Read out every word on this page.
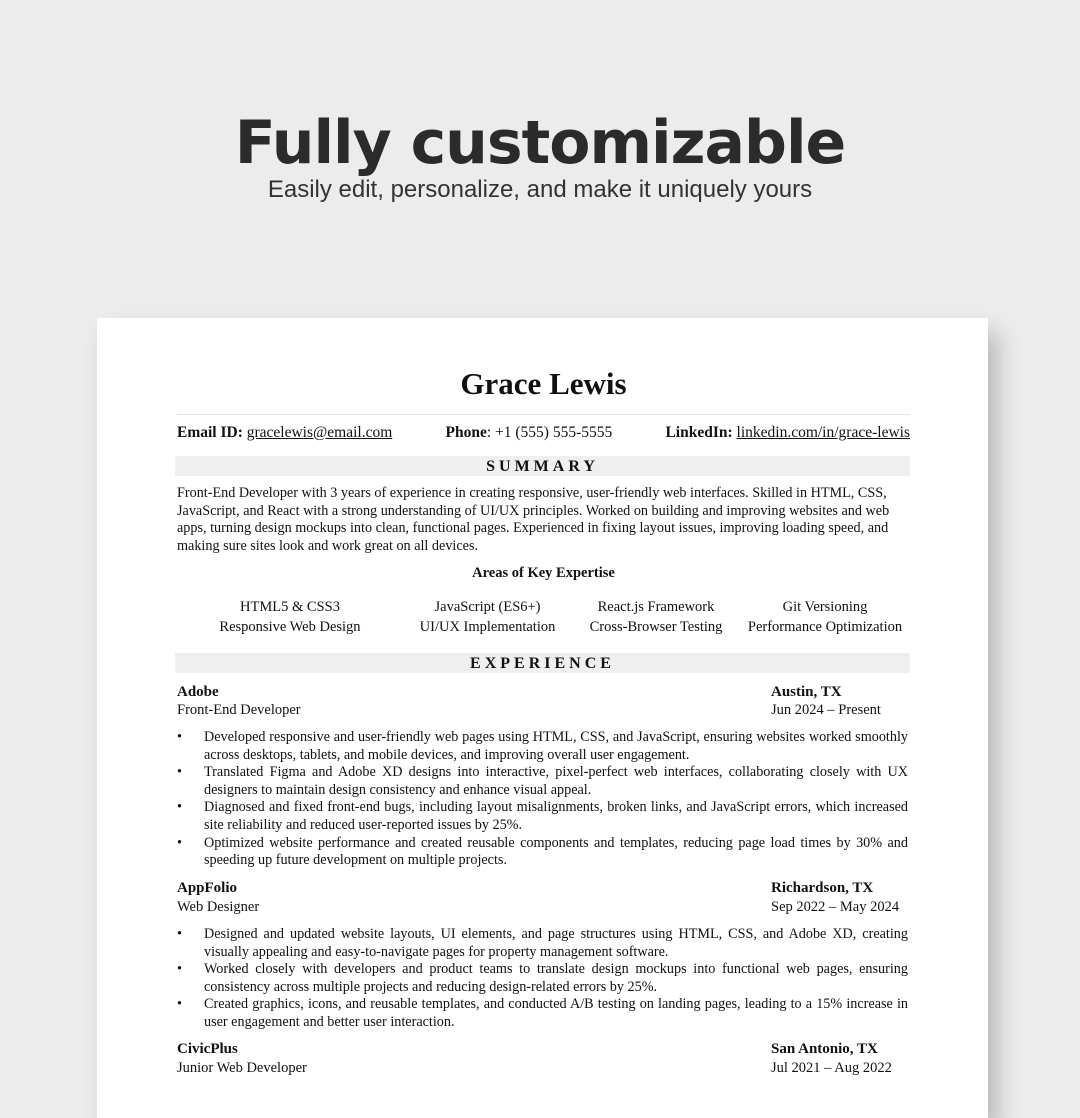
Fully customizable
Easily edit, personalize, and make it uniquely yours
Grace Lewis
Email ID: gracelewis@email.com	Phone: +1 (555) 555-5555	LinkedIn: linkedin.com/in/grace-lewis
SUMMARY
Front-End Developer with 3 years of experience in creating responsive, user-friendly web interfaces. Skilled in HTML, CSS, JavaScript, and React with a strong understanding of UI/UX principles. Worked on building and improving websites and web apps, turning design mockups into clean, functional pages. Experienced in fixing layout issues, improving loading speed, and making sure sites look and work great on all devices.
Areas of Key Expertise
HTML5 & CSS3	JavaScript (ES6+)	React.js Framework	Git Versioning
Responsive Web Design	UI/UX Implementation	Cross-Browser Testing	Performance Optimization
EXPERIENCE
Adobe	Austin, TX
Front-End Developer	Jun 2024 – Present
• Developed responsive and user-friendly web pages using HTML, CSS, and JavaScript, ensuring websites worked smoothly across desktops, tablets, and mobile devices, and improving overall user engagement.
• Translated Figma and Adobe XD designs into interactive, pixel-perfect web interfaces, collaborating closely with UX designers to maintain design consistency and enhance visual appeal.
• Diagnosed and fixed front-end bugs, including layout misalignments, broken links, and JavaScript errors, which increased site reliability and reduced user-reported issues by 25%.
• Optimized website performance and created reusable components and templates, reducing page load times by 30% and speeding up future development on multiple projects.
AppFolio	Richardson, TX
Web Designer	Sep 2022 – May 2024
• Designed and updated website layouts, UI elements, and page structures using HTML, CSS, and Adobe XD, creating visually appealing and easy-to-navigate pages for property management software.
• Worked closely with developers and product teams to translate design mockups into functional web pages, ensuring consistency across multiple projects and reducing design-related errors by 25%.
• Created graphics, icons, and reusable templates, and conducted A/B testing on landing pages, leading to a 15% increase in user engagement and better user interaction.
CivicPlus	San Antonio, TX
Junior Web Developer	Jul 2021 – Aug 2022
